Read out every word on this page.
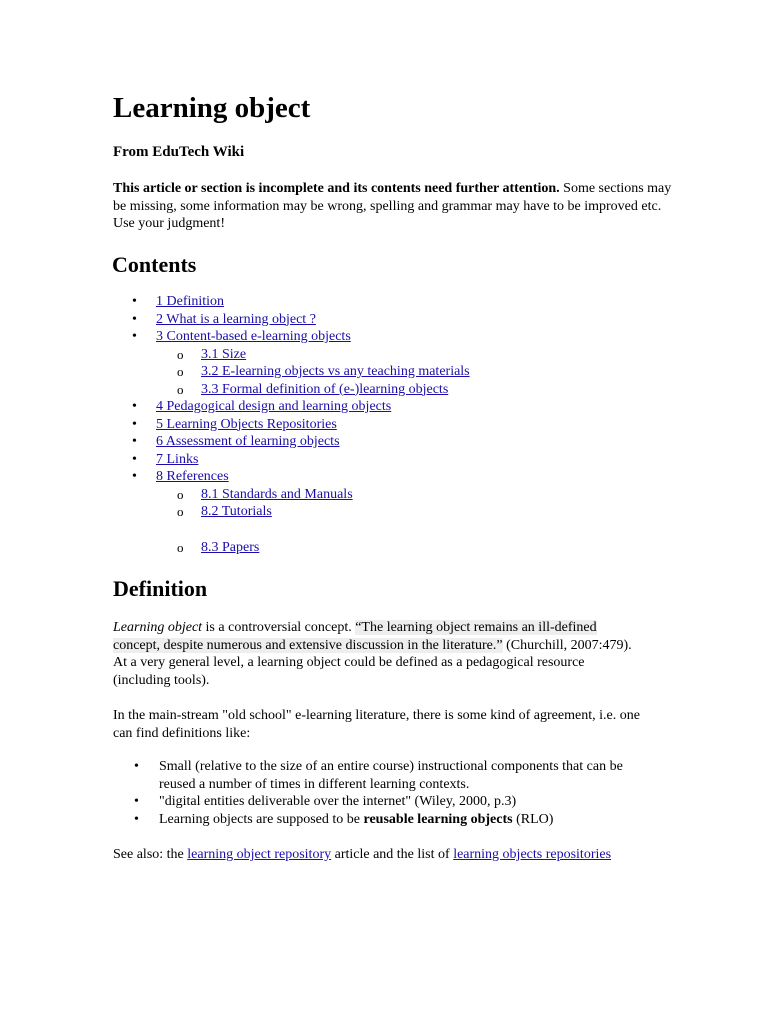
Learning object
From EduTech Wiki

This article or section is incomplete and its contents need further attention. Some sections may be missing, some information may be wrong, spelling and grammar may have to be improved etc. Use your judgment!

Contents
• 1 Definition
• 2 What is a learning object ?
• 3 Content-based e-learning objects
o 3.1 Size
o 3.2 E-learning objects vs any teaching materials
o 3.3 Formal definition of (e-)learning objects
• 4 Pedagogical design and learning objects
• 5 Learning Objects Repositories
• 6 Assessment of learning objects
• 7 Links
• 8 References
o 8.1 Standards and Manuals
o 8.2 Tutorials
o 8.3 Papers
Definition

Learning object is a controversial concept. “The learning object remains an ill-defined concept, despite numerous and extensive discussion in the literature.” (Churchill, 2007:479). At a very general level, a learning object could be defined as a pedagogical resource (including tools).

In the main-stream "old school" e-learning literature, there is some kind of agreement, i.e. one can find definitions like:

• Small (relative to the size of an entire course) instructional components that can be reused a number of times in different learning contexts.
• "digital entities deliverable over the internet" (Wiley, 2000, p.3)
• Learning objects are supposed to be reusable learning objects (RLO)

See also: the learning object repository article and the list of learning objects repositories
